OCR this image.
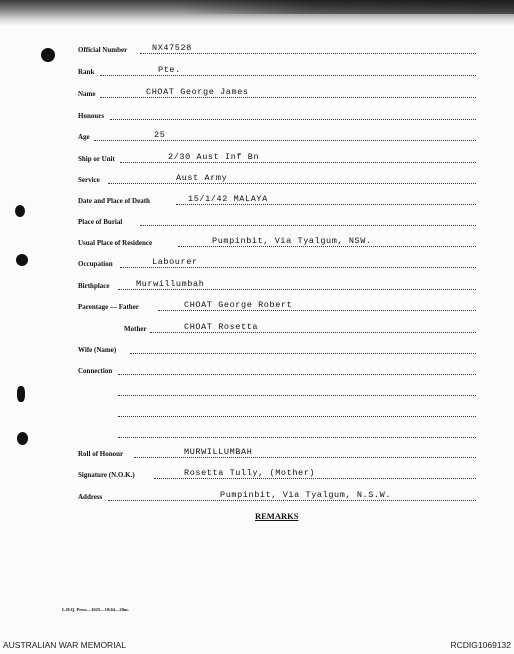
Official Number	NX47528
Rank	Pte.
Name	CHOAT George James
Honours
Age	25
Ship or Unit	2/30 Aust Inf Bn
Service	Aust Army
Date and Place of Death	15/1/42 MALAYA
Place of Burial
Usual Place of Residence	Pumpinbit, Via Tyalgum, NSW.
Occupation	Labourer
Birthplace	Murwillumbah
Parentage — Father	CHOAT George Robert
Mother	CHOAT Rosetta
Wife (Name)
Connection
Roll of Honour	MURWILLUMBAH
Signature (N.O.K.)	Rosetta Tully, (Mother)
Address	Pumpinbit, Via Tyalgum, N.S.W.
REMARKS
L.H.Q. Press—1625—10/44—20m.
AUSTRALIAN WAR MEMORIAL	RCDIG1069132
